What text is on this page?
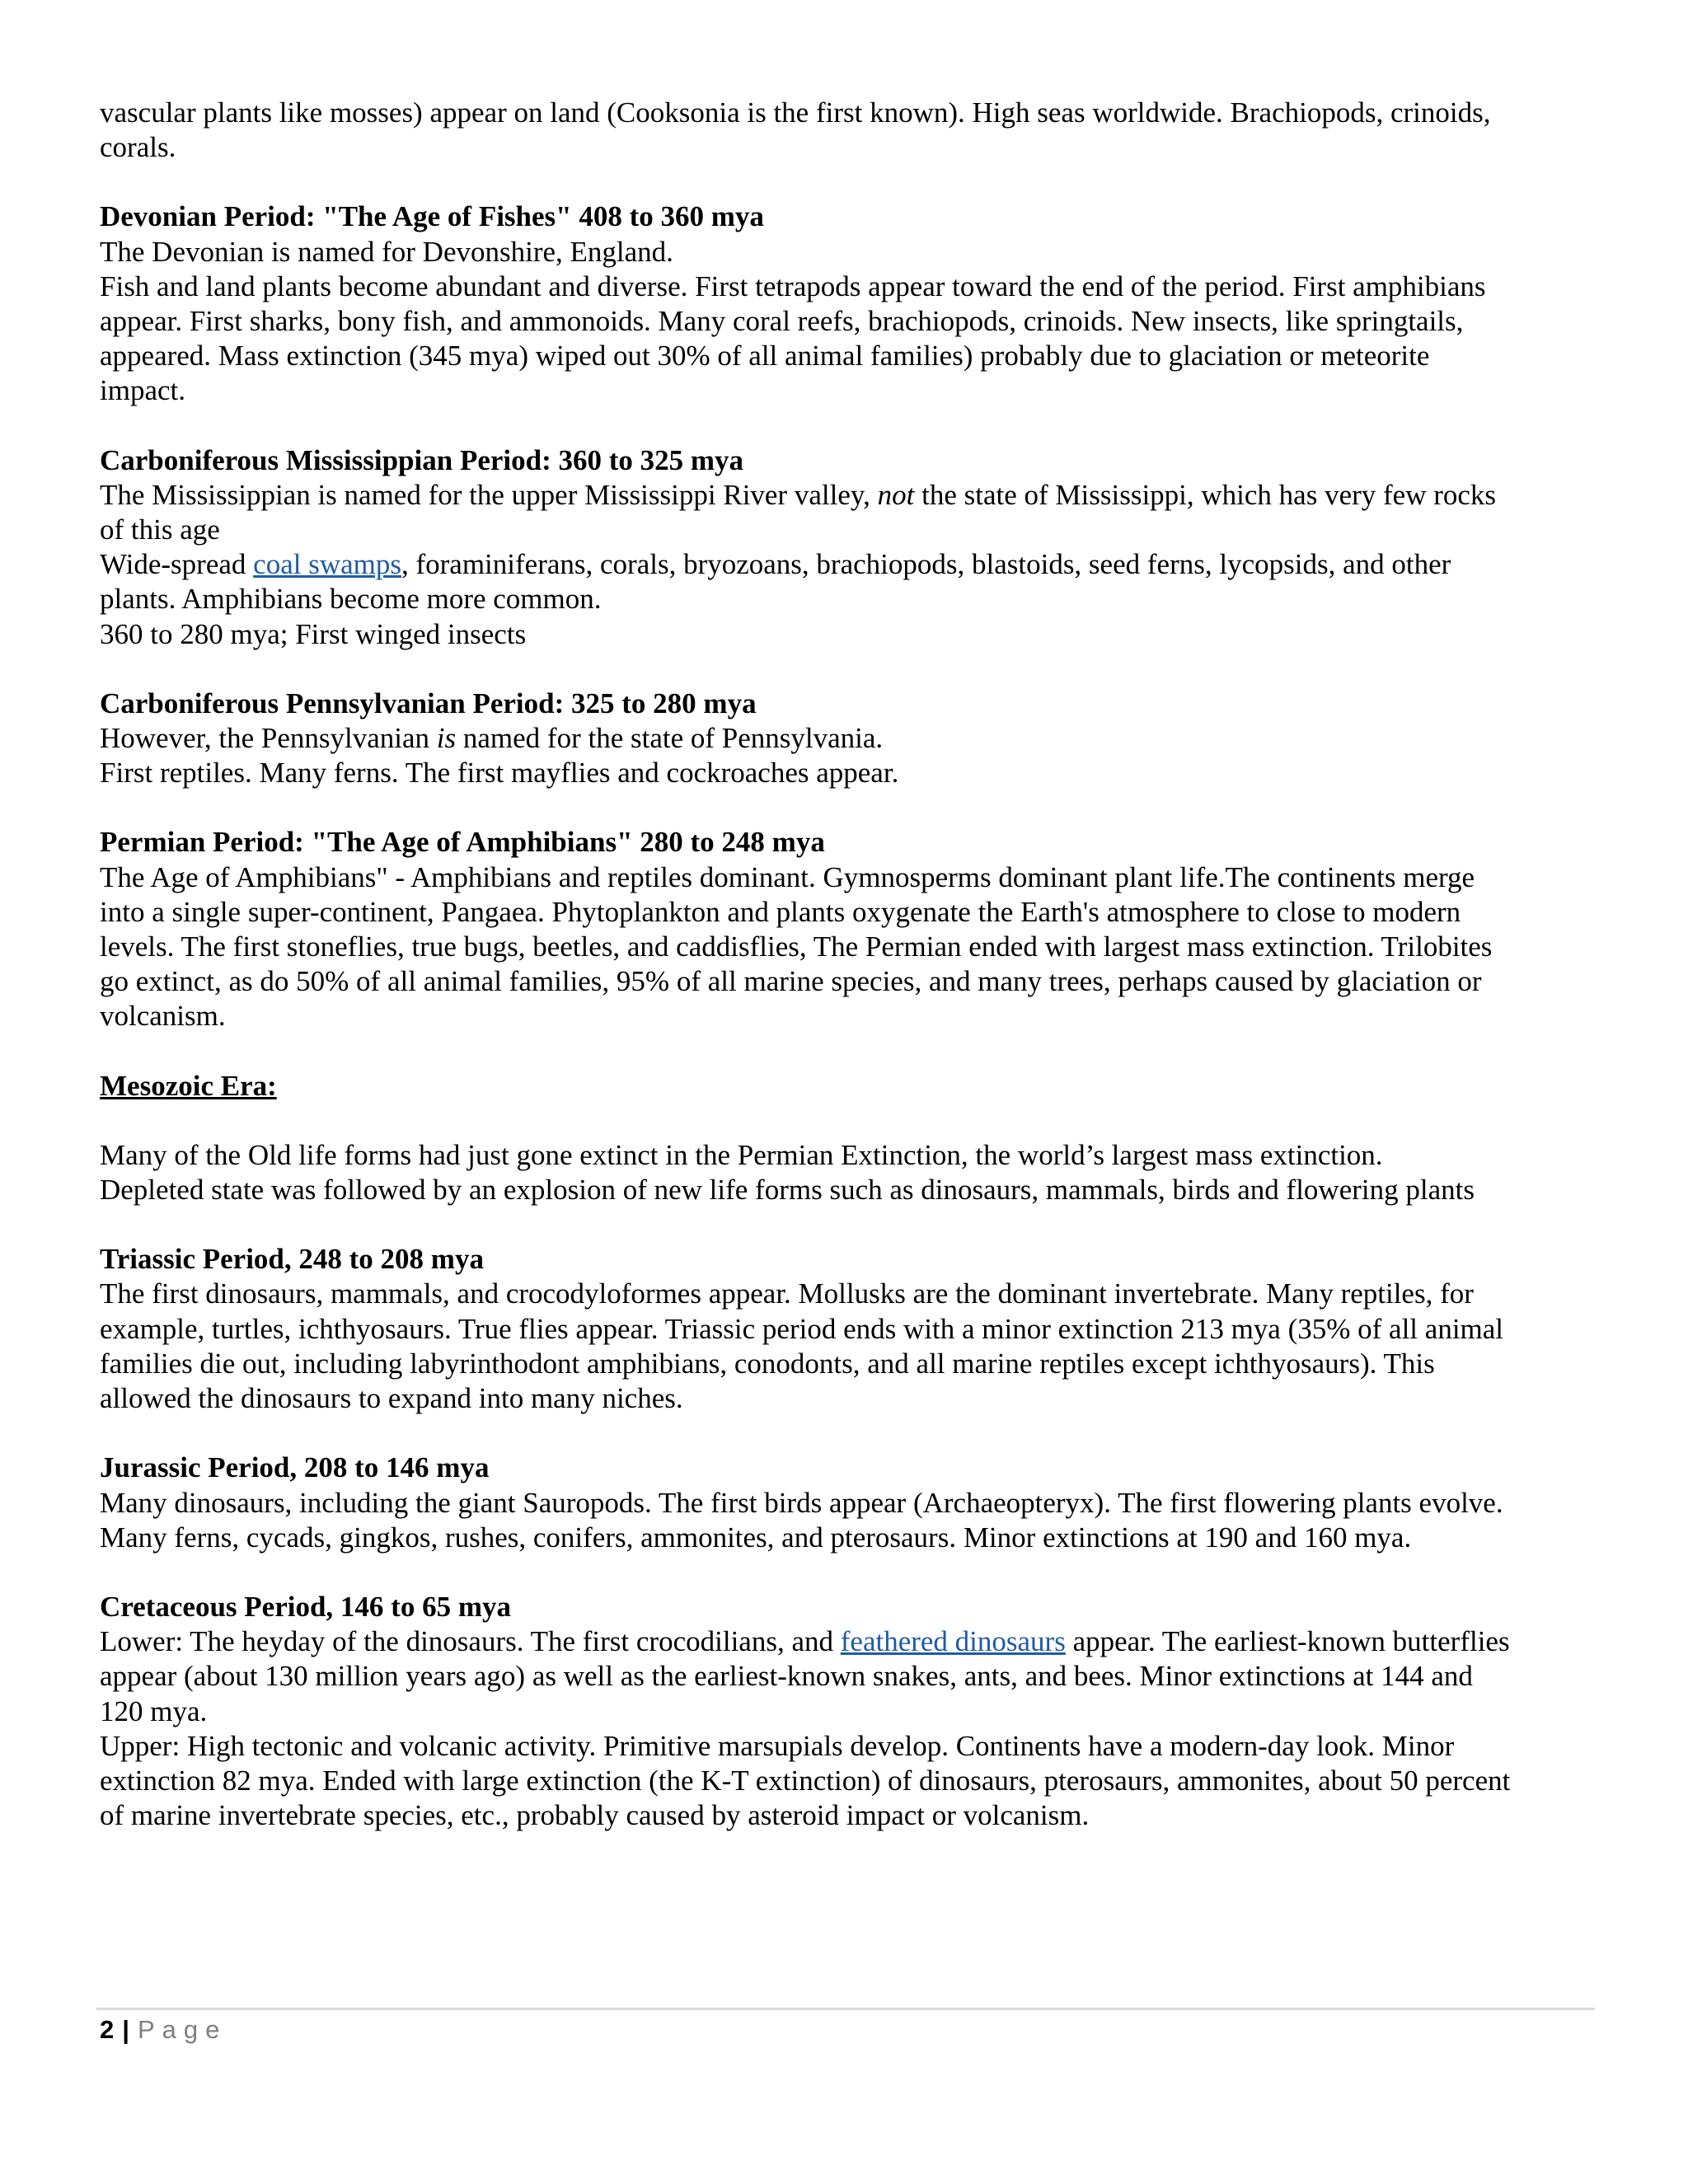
vascular plants like mosses) appear on land (Cooksonia is the first known). High seas worldwide. Brachiopods, crinoids,

corals.

Devonian Period: "The Age of Fishes" 408 to 360 mya

The Devonian is named for Devonshire, England.

Fish and land plants become abundant and diverse. First tetrapods appear toward the end of the period. First amphibians

appear. First sharks, bony fish, and ammonoids. Many coral reefs, brachiopods, crinoids. New insects, like springtails,

appeared. Mass extinction (345 mya) wiped out 30% of all animal families) probably due to glaciation or meteorite

impact.

Carboniferous Mississippian Period: 360 to 325 mya

The Mississippian is named for the upper Mississippi River valley, not the state of Mississippi, which has very few rocks

of this age

Wide-spread coal swamps, foraminiferans, corals, bryozoans, brachiopods, blastoids, seed ferns, lycopsids, and other

plants. Amphibians become more common.

360 to 280 mya; First winged insects

Carboniferous Pennsylvanian Period: 325 to 280 mya

However, the Pennsylvanian is named for the state of Pennsylvania.

First reptiles. Many ferns. The first mayflies and cockroaches appear.

Permian Period: "The Age of Amphibians" 280 to 248 mya

The Age of Amphibians" - Amphibians and reptiles dominant. Gymnosperms dominant plant life.The continents merge

into a single super-continent, Pangaea. Phytoplankton and plants oxygenate the Earth's atmosphere to close to modern

levels. The first stoneflies, true bugs, beetles, and caddisflies, The Permian ended with largest mass extinction. Trilobites

go extinct, as do 50% of all animal families, 95% of all marine species, and many trees, perhaps caused by glaciation or

volcanism.

Mesozoic Era:

Many of the Old life forms had just gone extinct in the Permian Extinction, the world’s largest mass extinction.

Depleted state was followed by an explosion of new life forms such as dinosaurs, mammals, birds and flowering plants

Triassic Period, 248 to 208 mya

The first dinosaurs, mammals, and crocodyloformes appear. Mollusks are the dominant invertebrate. Many reptiles, for

example, turtles, ichthyosaurs. True flies appear. Triassic period ends with a minor extinction 213 mya (35% of all animal

families die out, including labyrinthodont amphibians, conodonts, and all marine reptiles except ichthyosaurs). This

allowed the dinosaurs to expand into many niches.

Jurassic Period, 208 to 146 mya

Many dinosaurs, including the giant Sauropods. The first birds appear (Archaeopteryx). The first flowering plants evolve.

Many ferns, cycads, gingkos, rushes, conifers, ammonites, and pterosaurs. Minor extinctions at 190 and 160 mya.

Cretaceous Period, 146 to 65 mya

Lower: The heyday of the dinosaurs. The first crocodilians, and feathered dinosaurs appear. The earliest-known butterflies

appear (about 130 million years ago) as well as the earliest-known snakes, ants, and bees. Minor extinctions at 144 and

120 mya.

Upper: High tectonic and volcanic activity. Primitive marsupials develop. Continents have a modern-day look. Minor

extinction 82 mya. Ended with large extinction (the K-T extinction) of dinosaurs, pterosaurs, ammonites, about 50 percent

of marine invertebrate species, etc., probably caused by asteroid impact or volcanism.

2 | Page
